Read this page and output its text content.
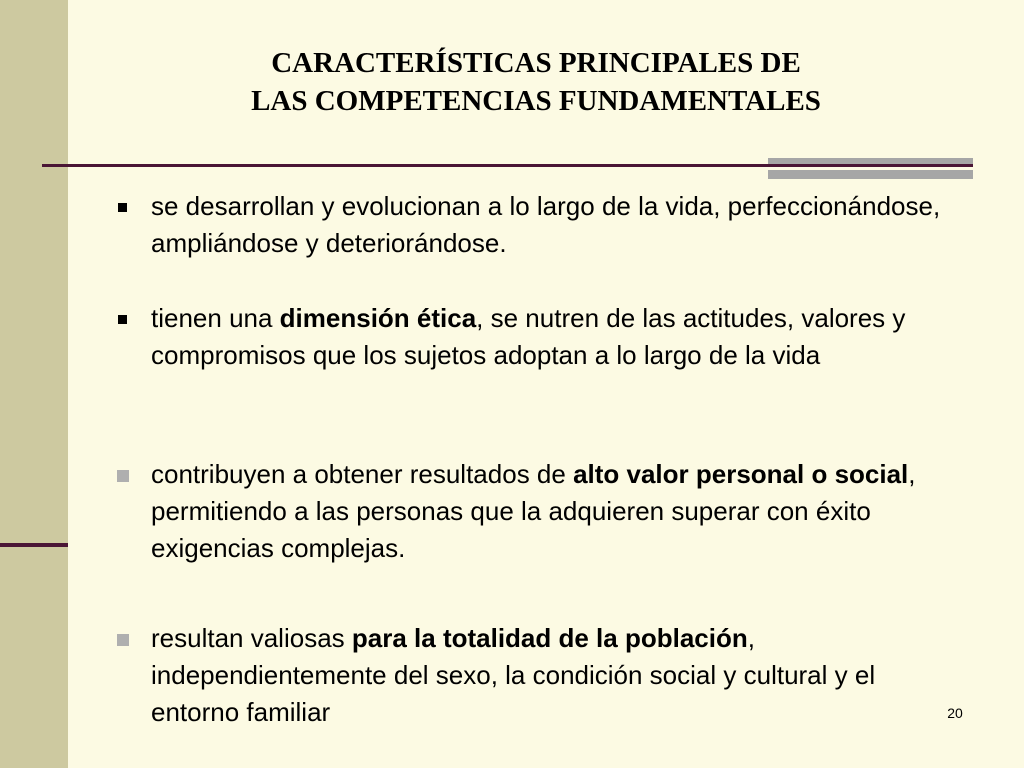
CARACTERÍSTICAS PRINCIPALES DE
LAS COMPETENCIAS FUNDAMENTALES
se desarrollan y evolucionan a lo largo de la vida, perfeccionándose, ampliándose y deteriorándose.
tienen una dimensión ética, se nutren de las actitudes, valores y compromisos que los sujetos adoptan a lo largo de la vida
contribuyen a obtener resultados de alto valor personal o social, permitiendo a las personas que la adquieren superar con éxito exigencias complejas.
resultan valiosas para la totalidad de la población, independientemente del sexo, la condición social y cultural y el entorno familiar	20
